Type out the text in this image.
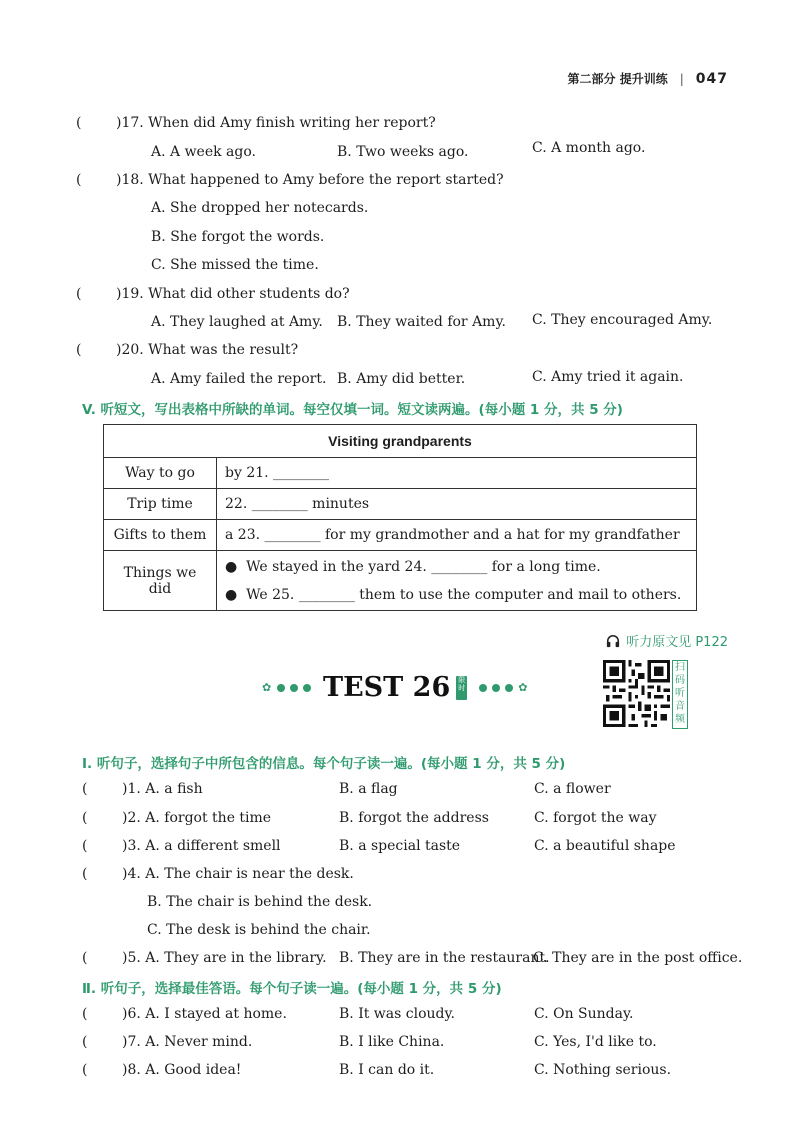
第二部分 提升训练 | 047
( )17. When did Amy finish writing her report?
A. A week ago.	B. Two weeks ago.	C. A month ago.
( )18. What happened to Amy before the report started?
A. She dropped her notecards.
B. She forgot the words.
C. She missed the time.
( )19. What did other students do?
A. They laughed at Amy. B. They waited for Amy. C. They encouraged Amy.
( )20. What was the result?
A. Amy failed the report. B. Amy did better.	C. Amy tried it again.
V. 听短文，写出表格中所缺的单词。每空仅填一词。短文读两遍。(每小题 1 分，共 5 分)
Visiting grandparents	
Way to go	by 21. ________
Trip time	22. ________ minutes
Gifts to them	a 23. ________ for my grandmother and a hat for my grandfather
Things we did	●  We stayed in the yard 24. ________ for a long time.
●  We 25. ________ them to use the computer and mail to others.
听力原文见 P122
✿ TEST 26 限时	✿
扫码听音频
Ⅰ. 听句子，选择句子中所包含的信息。每个句子读一遍。(每小题 1 分，共 5 分)
( )1. A. a fish	B. a flag	C. a flower
( )2. A. forgot the time	B. forgot the address	C. forgot the way
( )3. A. a different smell	B. a special taste	C. a beautiful shape
( )4. A. The chair is near the desk.
B. The chair is behind the desk.
C. The desk is behind the chair.
( )5. A. They are in the library. B. They are in the restaurant.
C. They are in the post office.
Ⅱ. 听句子，选择最佳答语。每个句子读一遍。(每小题 1 分，共 5 分)
( )6. A. I stayed at home.	B. It was cloudy.	C. On Sunday.
( )7. A. Never mind.	B. I like China.	C. Yes, I'd like to.
( )8. A. Good idea!	B. I can do it.	C. Nothing serious.
